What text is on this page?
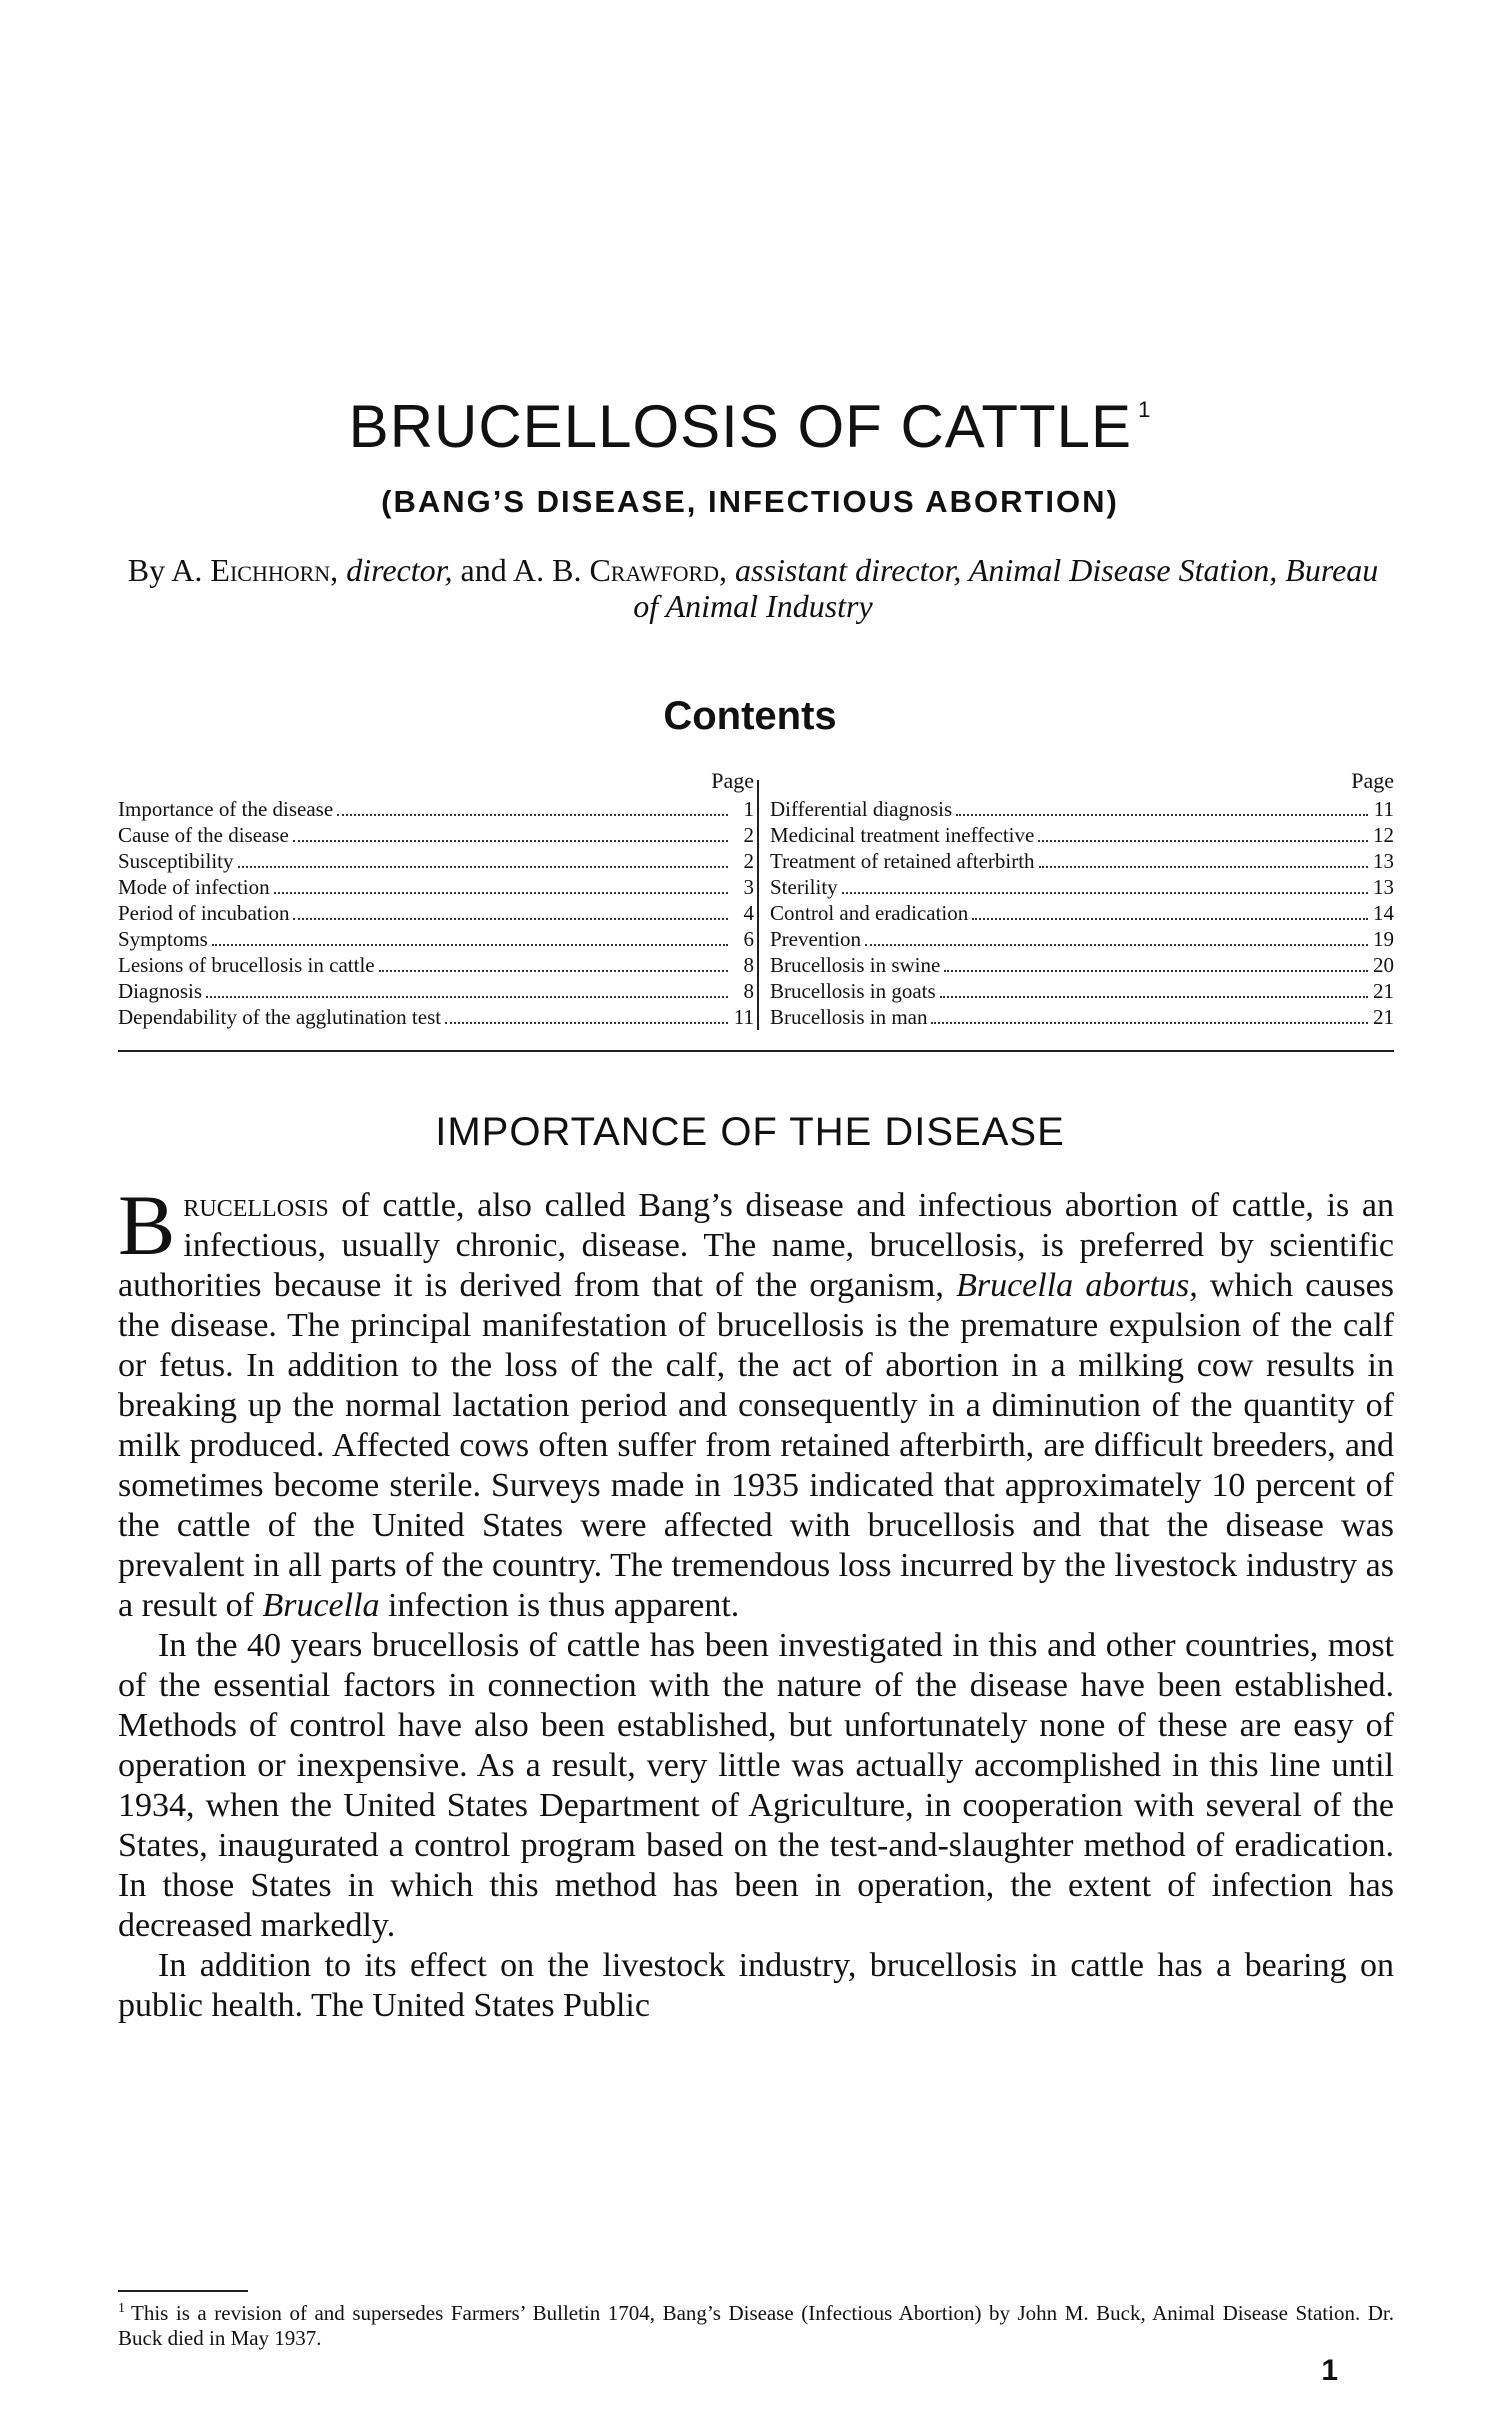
BRUCELLOSIS OF CATTLE $^1$
(BANG’S DISEASE, INFECTIOUS ABORTION)
By A. Eichhorn, director, and A. B. Crawford, assistant director, Animal Disease Station, Bureau of Animal Industry
Contents
Page
Importance of the disease	1
Cause of the disease	2
Susceptibility	2
Mode of infection	3
Period of incubation	4
Symptoms	6
Lesions of brucellosis in cattle	8
Diagnosis	8
Dependability of the agglutination test	11
Page
Differential diagnosis	11
Medicinal treatment ineffective	12
Treatment of retained afterbirth	13
Sterility	13
Control and eradication	14
Prevention	19
Brucellosis in swine	20
Brucellosis in goats	21
Brucellosis in man	21
IMPORTANCE OF THE DISEASE

Brucellosis of cattle, also called Bang’s disease and infectious abortion of cattle, is an infectious, usually chronic, disease. The name, brucellosis, is preferred by scientific authorities because it is derived from that of the organism, Brucella abortus, which causes the disease. The principal manifestation of brucellosis is the premature expulsion of the calf or fetus. In addition to the loss of the calf, the act of abortion in a milking cow results in breaking up the normal lactation period and consequently in a diminution of the quantity of milk produced. Affected cows often suffer from retained afterbirth, are difficult breeders, and sometimes become sterile. Surveys made in 1935 indicated that approximately 10 percent of the cattle of the United States were affected with brucellosis and that the disease was prevalent in all parts of the country. The tremendous loss incurred by the livestock industry as a result of Brucella infection is thus apparent.

In the 40 years brucellosis of cattle has been investigated in this and other countries, most of the essential factors in connection with the nature of the disease have been established. Methods of control have also been established, but unfortunately none of these are easy of operation or inexpensive. As a result, very little was actually accomplished in this line until 1934, when the United States Department of Agriculture, in cooperation with several of the States, inaugurated a control program based on the test-and-slaughter method of eradication. In those States in which this method has been in operation, the extent of infection has decreased markedly.

In addition to its effect on the livestock industry, brucellosis in cattle has a bearing on public health. The United States Public

$^1$ This is a revision of and supersedes Farmers’ Bulletin 1704, Bang’s Disease (Infectious Abortion) by John M. Buck, Animal Disease Station. Dr. Buck died in May 1937.
1
